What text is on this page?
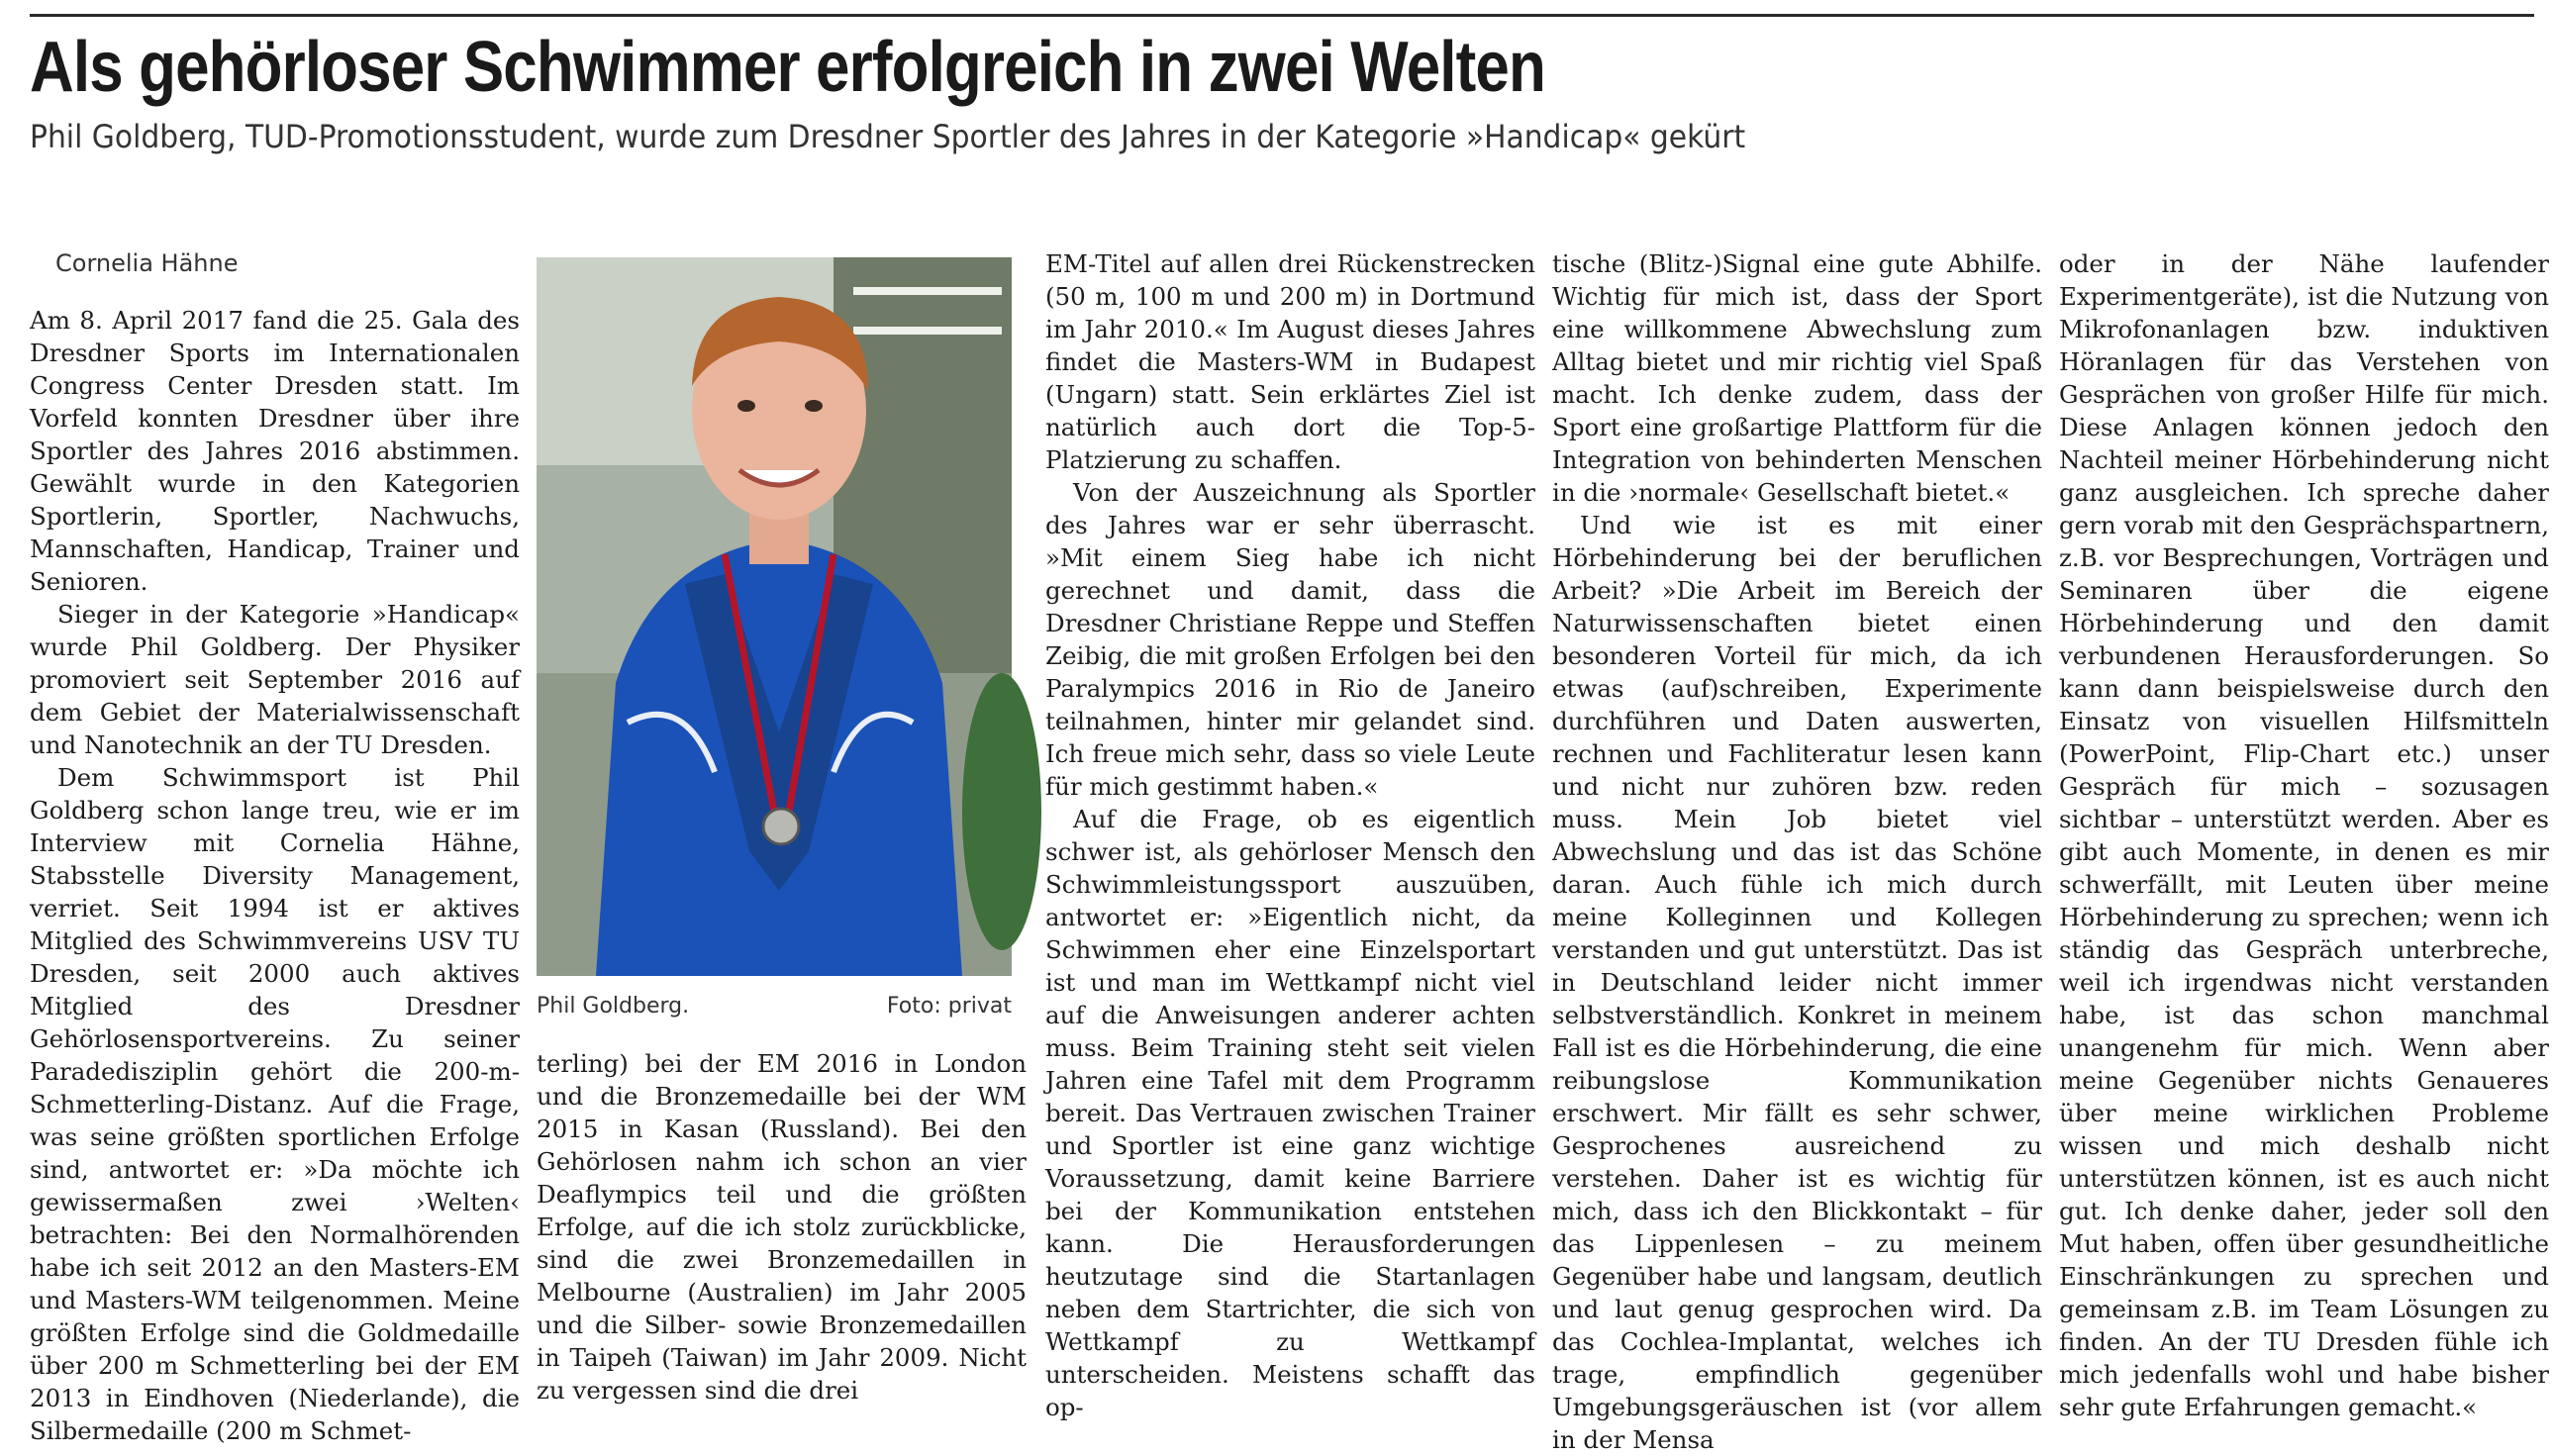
Als gehörloser Schwimmer erfolgreich in zwei Welten
Phil Goldberg, TUD-Promotionsstudent, wurde zum Dresdner Sportler des Jahres in der Kategorie »Handicap« gekürt
Cornelia Hähne

Am 8. April 2017 fand die 25. Gala des Dresdner Sports im Internationalen Congress Center Dresden statt. Im Vorfeld konnten Dresdner über ihre Sportler des Jahres 2016 abstimmen. Gewählt wurde in den Kategorien Sportlerin, Sportler, Nachwuchs, Mannschaften, Handicap, Trainer und Senioren.

Sieger in der Kategorie »Handicap« wurde Phil Goldberg. Der Physiker promoviert seit September 2016 auf dem Gebiet der Materialwissenschaft und Nanotechnik an der TU Dresden.

Dem Schwimmsport ist Phil Goldberg schon lange treu, wie er im Interview mit Cornelia Hähne, Stabsstelle Diversity Management, verriet. Seit 1994 ist er aktives Mitglied des Schwimmvereins USV TU Dresden, seit 2000 auch aktives Mitglied des Dresdner Gehörlosensportvereins. Zu seiner Paradedisziplin gehört die 200-m-Schmetterling-Distanz. Auf die Frage, was seine größten sportlichen Erfolge sind, antwortet er: »Da möchte ich gewissermaßen zwei ›Welten‹ betrachten: Bei den Normalhörenden habe ich seit 2012 an den Masters-EM und Masters-WM teilgenommen. Meine größten Erfolge sind die Goldmedaille über 200 m Schmetterling bei der EM 2013 in Eindhoven (Niederlande), die Silbermedaille (200 m Schmet-

Phil Goldberg.	Foto: privat

terling) bei der EM 2016 in London und die Bronzemedaille bei der WM 2015 in Kasan (Russland). Bei den Gehörlosen nahm ich schon an vier Deaflympics teil und die größten Erfolge, auf die ich stolz zurückblicke, sind die zwei Bronzemedaillen in Melbourne (Australien) im Jahr 2005 und die Silber- sowie Bronzemedaillen in Taipeh (Taiwan) im Jahr 2009. Nicht zu vergessen sind die drei

EM-Titel auf allen drei Rückenstrecken (50 m, 100 m und 200 m) in Dortmund im Jahr 2010.« Im August dieses Jahres findet die Masters-WM in Budapest (Ungarn) statt. Sein erklärtes Ziel ist natürlich auch dort die Top-5-Platzierung zu schaffen.

Von der Auszeichnung als Sportler des Jahres war er sehr überrascht. »Mit einem Sieg habe ich nicht gerechnet und damit, dass die Dresdner Christiane Reppe und Steffen Zeibig, die mit großen Erfolgen bei den Paralympics 2016 in Rio de Janeiro teilnahmen, hinter mir gelandet sind. Ich freue mich sehr, dass so viele Leute für mich gestimmt haben.«

Auf die Frage, ob es eigentlich schwer ist, als gehörloser Mensch den Schwimmleistungssport auszuüben, antwortet er: »Eigentlich nicht, da Schwimmen eher eine Einzelsportart ist und man im Wettkampf nicht viel auf die Anweisungen anderer achten muss. Beim Training steht seit vielen Jahren eine Tafel mit dem Programm bereit. Das Vertrauen zwischen Trainer und Sportler ist eine ganz wichtige Voraussetzung, damit keine Barriere bei der Kommunikation entstehen kann. Die Herausforderungen heutzutage sind die Startanlagen neben dem Startrichter, die sich von Wettkampf zu Wettkampf unterscheiden. Meistens schafft das op-

tische (Blitz-)Signal eine gute Abhilfe. Wichtig für mich ist, dass der Sport eine willkommene Abwechslung zum Alltag bietet und mir richtig viel Spaß macht. Ich denke zudem, dass der Sport eine großartige Plattform für die Integration von behinderten Menschen in die ›normale‹ Gesellschaft bietet.«

Und wie ist es mit einer Hörbehinderung bei der beruflichen Arbeit? »Die Arbeit im Bereich der Naturwissenschaften bietet einen besonderen Vorteil für mich, da ich etwas (auf)schreiben, Experimente durchführen und Daten auswerten, rechnen und Fachliteratur lesen kann und nicht nur zuhören bzw. reden muss. Mein Job bietet viel Abwechslung und das ist das Schöne daran. Auch fühle ich mich durch meine Kolleginnen und Kollegen verstanden und gut unterstützt. Das ist in Deutschland leider nicht immer selbstverständlich. Konkret in meinem Fall ist es die Hörbehinderung, die eine reibungslose Kommunikation erschwert. Mir fällt es sehr schwer, Gesprochenes ausreichend zu verstehen. Daher ist es wichtig für mich, dass ich den Blickkontakt – für das Lippenlesen – zu meinem Gegenüber habe und langsam, deutlich und laut genug gesprochen wird. Da das Cochlea-Implantat, welches ich trage, empfindlich gegenüber Umgebungsgeräuschen ist (vor allem in der Mensa

oder in der Nähe laufender Experimentgeräte), ist die Nutzung von Mikrofonanlagen bzw. induktiven Höranlagen für das Verstehen von Gesprächen von großer Hilfe für mich. Diese Anlagen können jedoch den Nachteil meiner Hörbehinderung nicht ganz ausgleichen. Ich spreche daher gern vorab mit den Gesprächspartnern, z.B. vor Besprechungen, Vorträgen und Seminaren über die eigene Hörbehinderung und den damit verbundenen Herausforderungen. So kann dann beispielsweise durch den Einsatz von visuellen Hilfsmitteln (PowerPoint, Flip-Chart etc.) unser Gespräch für mich – sozusagen sichtbar – unterstützt werden. Aber es gibt auch Momente, in denen es mir schwerfällt, mit Leuten über meine Hörbehinderung zu sprechen; wenn ich ständig das Gespräch unterbreche, weil ich irgendwas nicht verstanden habe, ist das schon manchmal unangenehm für mich. Wenn aber meine Gegenüber nichts Genaueres über meine wirklichen Probleme wissen und mich deshalb nicht unterstützen können, ist es auch nicht gut. Ich denke daher, jeder soll den Mut haben, offen über gesundheitliche Einschränkungen zu sprechen und gemeinsam z.B. im Team Lösungen zu finden. An der TU Dresden fühle ich mich jedenfalls wohl und habe bisher sehr gute Erfahrungen gemacht.«
